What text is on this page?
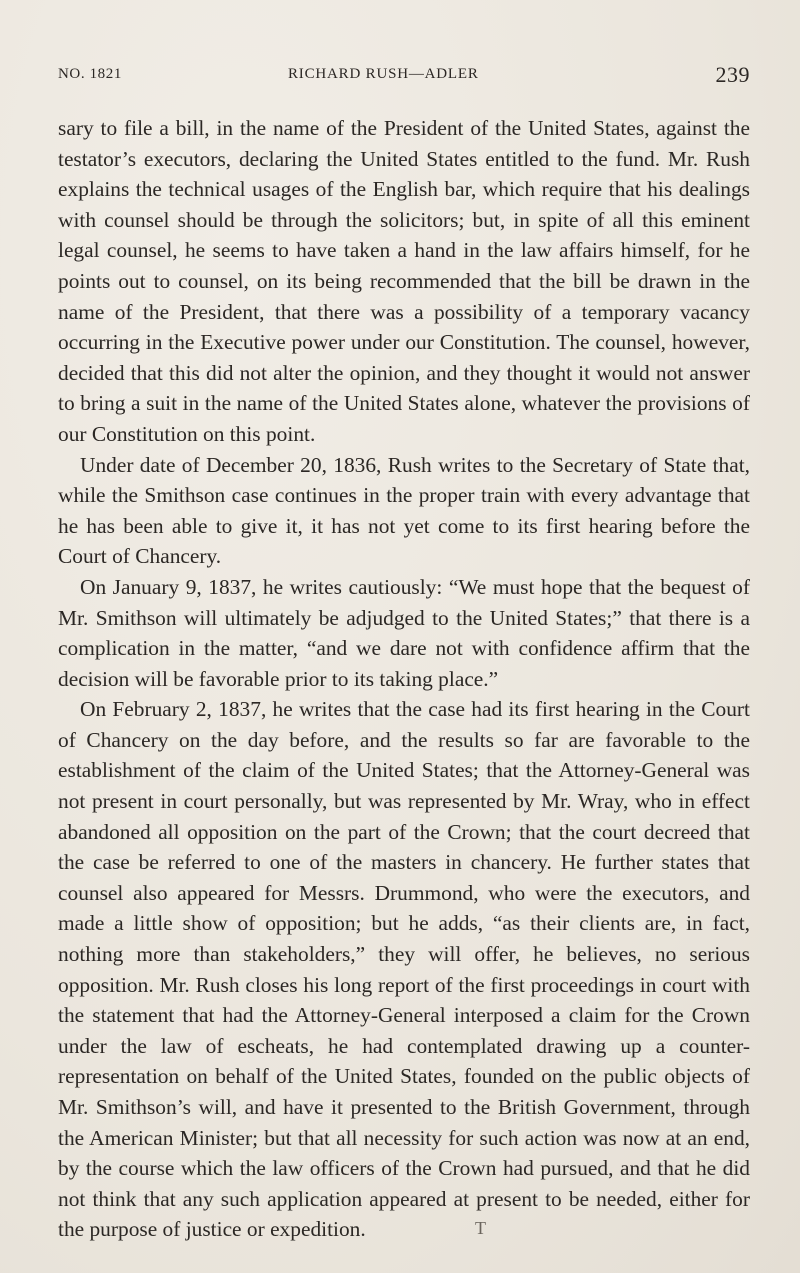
NO. 1821	RICHARD RUSH—ADLER	239

sary to file a bill, in the name of the President of the United States, against the testator’s executors, declaring the United States entitled to the fund. Mr. Rush explains the technical usages of the English bar, which require that his dealings with counsel should be through the solicitors; but, in spite of all this eminent legal counsel, he seems to have taken a hand in the law affairs himself, for he points out to counsel, on its being recommended that the bill be drawn in the name of the President, that there was a possibility of a temporary vacancy occurring in the Executive power under our Constitution. The counsel, however, decided that this did not alter the opinion, and they thought it would not answer to bring a suit in the name of the United States alone, whatever the provisions of our Constitution on this point.

Under date of December 20, 1836, Rush writes to the Secretary of State that, while the Smithson case continues in the proper train with every advantage that he has been able to give it, it has not yet come to its first hearing before the Court of Chancery.

On January 9, 1837, he writes cautiously: “We must hope that the bequest of Mr. Smithson will ultimately be adjudged to the United States;” that there is a complication in the matter, “and we dare not with confidence affirm that the decision will be favorable prior to its taking place.”

On February 2, 1837, he writes that the case had its first hearing in the Court of Chancery on the day before, and the results so far are favorable to the establishment of the claim of the United States; that the Attorney-General was not present in court personally, but was represented by Mr. Wray, who in effect abandoned all opposition on the part of the Crown; that the court decreed that the case be referred to one of the masters in chancery. He further states that counsel also appeared for Messrs. Drummond, who were the executors, and made a little show of opposition; but he adds, “as their clients are, in fact, nothing more than stakeholders,” they will offer, he believes, no serious opposition. Mr. Rush closes his long report of the first proceedings in court with the statement that had the Attorney-General interposed a claim for the Crown under the law of escheats, he had contemplated drawing up a counter-representation on behalf of the United States, founded on the public objects of Mr. Smithson’s will, and have it presented to the British Government, through the American Minister; but that all necessity for such action was now at an end, by the course which the law officers of the Crown had pursued, and that he did not think that any such application appeared at present to be needed, either for the purpose of justice or expedition.	T
